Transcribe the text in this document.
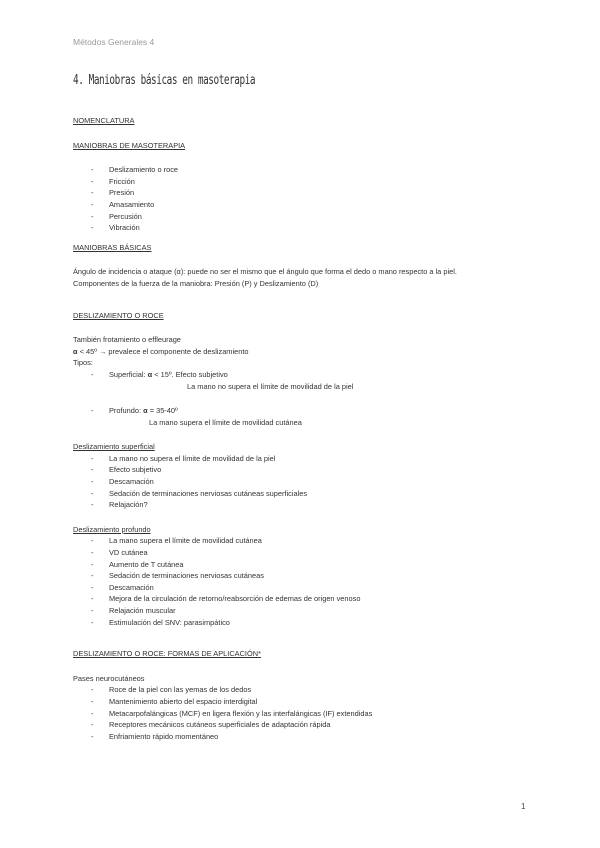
Métodos Generales 4
4. Maniobras básicas en masoterapia
NOMENCLATURA
MANIOBRAS DE MASOTERAPIA
- Deslizamiento o roce
- Fricción
- Presión
- Amasamiento
- Percusión
- Vibración
MANIOBRAS BÁSICAS
Ángulo de incidencia o ataque (α): puede no ser el mismo que el ángulo que forma el dedo o mano respecto a la piel.
Componentes de la fuerza de la maniobra: Presión (P) y Deslizamiento (D)
DESLIZAMIENTO O ROCE
También frotamiento o effleurage
α < 45º → prevalece el componente de deslizamiento
Tipos:
- Superficial: α < 15º. Efecto subjetivo
La mano no supera el límite de movilidad de la piel
- Profundo: α = 35-40º
La mano supera el límite de movilidad cutánea
Deslizamiento superficial
- La mano no supera el límite de movilidad de la piel
- Efecto subjetivo
- Descamación
- Sedación de terminaciones nerviosas cutáneas superficiales
- Relajación?
Deslizamiento profundo
- La mano supera el límite de movilidad cutánea
- VD cutánea
- Aumento de T cutánea
- Sedación de terminaciones nerviosas cutáneas
- Descamación
- Mejora de la circulación de retorno/reabsorción de edemas de origen venoso
- Relajación muscular
- Estimulación del SNV: parasimpático
DESLIZAMIENTO O ROCE: FORMAS DE APLICACIÓN*
Pases neurocutáneos
- Roce de la piel con las yemas de los dedos
- Mantenimiento abierto del espacio interdigital
- Metacarpofalángicas (MCF) en ligera flexión y las interfalángicas (IF) extendidas
- Receptores mecánicos cutáneos superficiales de adaptación rápida
- Enfriamiento rápido momentáneo
1
